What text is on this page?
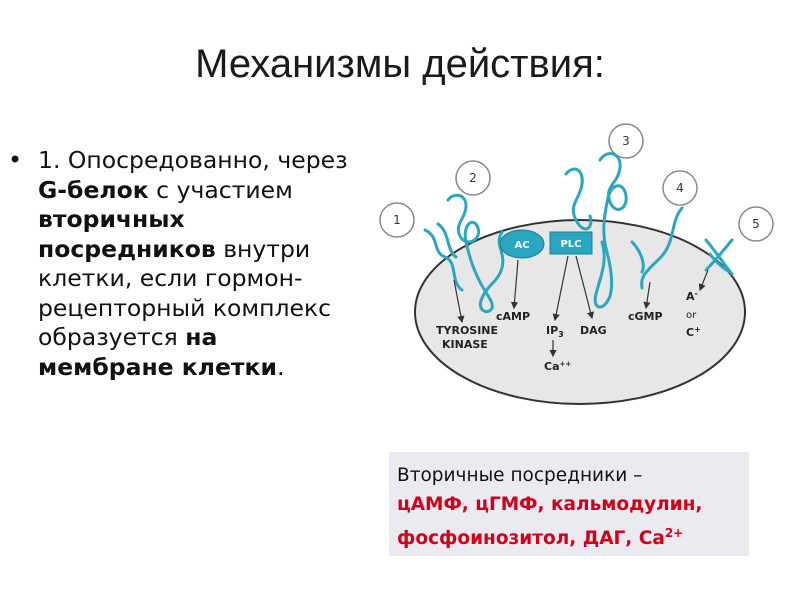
Механизмы действия:
• 1. Опосредованно, через G-белок с участием вторичных посредников внутри клетки, если гормон-рецепторный комплекс образуется на мембране клетки.
1
2
3
4
5
AC	PLC
TYROSINE
KINASE
cAMP
$IP_3$ DAG
Ca++
cGMP
A-
or
C+
Вторичные посредники –
цАМФ, цГМФ, кальмодулин, фосфоинозитол, ДАГ, $Ca^{2+}$
